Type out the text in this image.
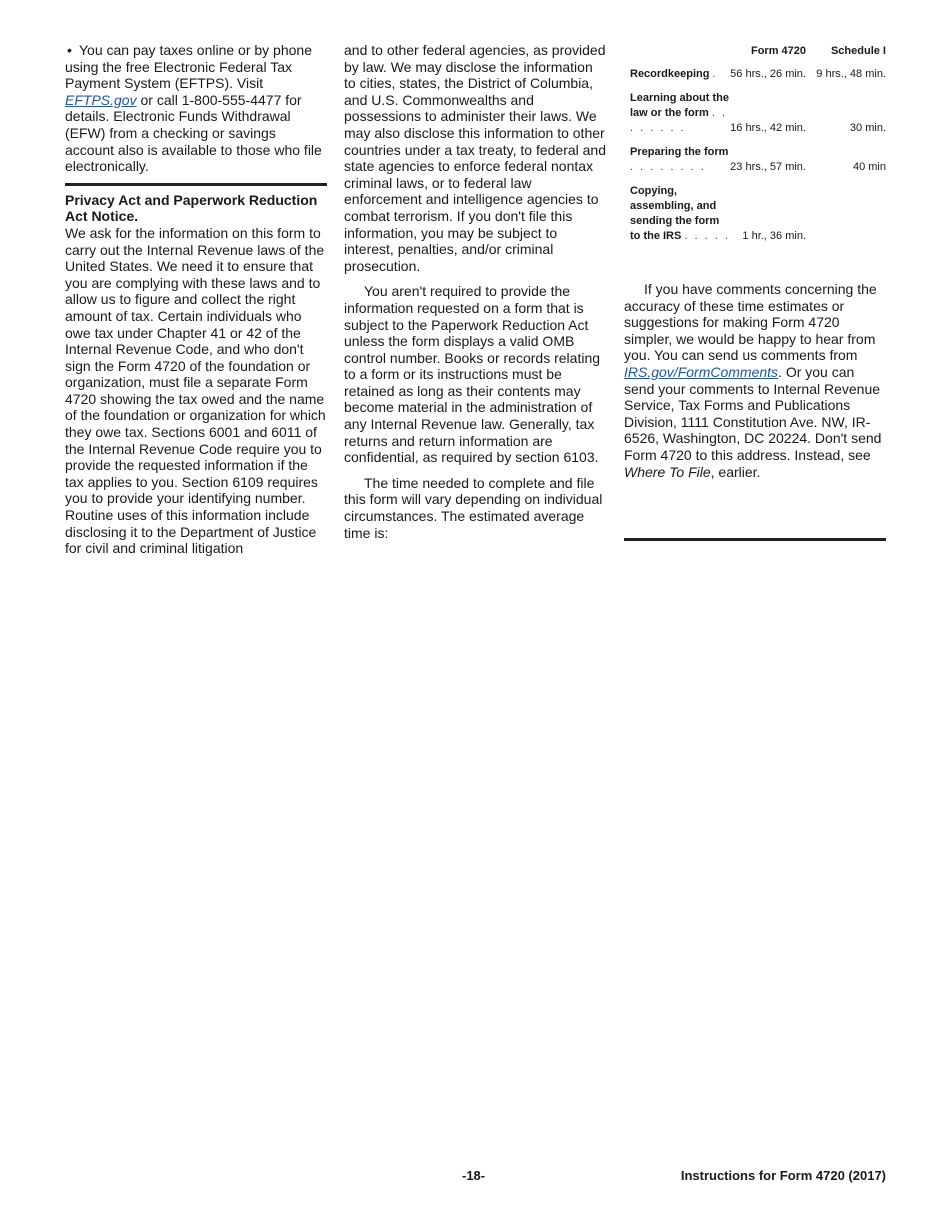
• You can pay taxes online or by phone using the free Electronic Federal Tax Payment System (EFTPS). Visit EFTPS.gov or call 1-800-555-4477 for details. Electronic Funds Withdrawal (EFW) from a checking or savings account also is available to those who file electronically.

Privacy Act and Paperwork Reduction Act Notice.

We ask for the information on this form to carry out the Internal Revenue laws of the United States. We need it to ensure that you are complying with these laws and to allow us to figure and collect the right amount of tax. Certain individuals who owe tax under Chapter 41 or 42 of the Internal Revenue Code, and who don't sign the Form 4720 of the foundation or organization, must file a separate Form 4720 showing the tax owed and the name of the foundation or organization for which they owe tax. Sections 6001 and 6011 of the Internal Revenue Code require you to provide the requested information if the tax applies to you. Section 6109 requires you to provide your identifying number. Routine uses of this information include disclosing it to the Department of Justice for civil and criminal litigation

and to other federal agencies, as provided by law. We may disclose the information to cities, states, the District of Columbia, and U.S. Commonwealths and possessions to administer their laws. We may also disclose this information to other countries under a tax treaty, to federal and state agencies to enforce federal nontax criminal laws, or to federal law enforcement and intelligence agencies to combat terrorism. If you don't file this information, you may be subject to interest, penalties, and/or criminal prosecution.

You aren't required to provide the information requested on a form that is subject to the Paperwork Reduction Act unless the form displays a valid OMB control number. Books or records relating to a form or its instructions must be retained as long as their contents may become material in the administration of any Internal Revenue law. Generally, tax returns and return information are confidential, as required by section 6103.

The time needed to complete and file this form will vary depending on individual circumstances. The estimated average time is:

	Form 4720	Schedule I
Recordkeeping .	56 hrs., 26 min.	9 hrs., 48 min.
Learning about the law or the form . . . . . . . .	16 hrs., 42 min.	30 min.
Preparing the form . . . . . . . .	23 hrs., 57 min.	40 min
Copying, assembling, and sending the form to the IRS . . . . .	1 hr., 36 min.	

If you have comments concerning the accuracy of these time estimates or suggestions for making Form 4720 simpler, we would be happy to hear from you. You can send us comments from IRS.gov/FormComments. Or you can send your comments to Internal Revenue Service, Tax Forms and Publications Division, 1111 Constitution Ave. NW, IR-6526, Washington, DC 20224. Don't send Form 4720 to this address. Instead, see Where To File, earlier.

-18-	Instructions for Form 4720 (2017)
